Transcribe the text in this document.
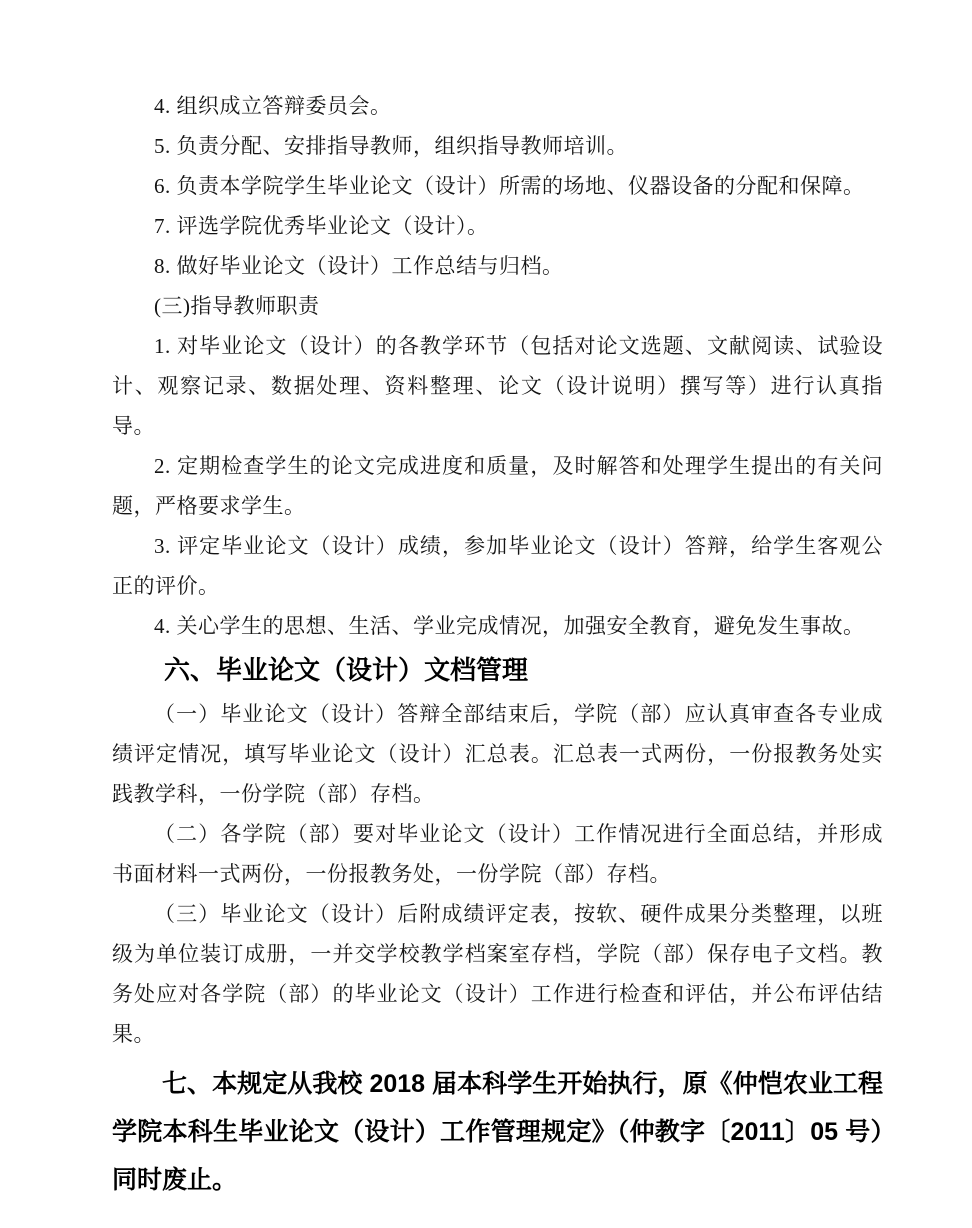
4. 组织成立答辩委员会。

5. 负责分配、安排指导教师，组织指导教师培训。

6. 负责本学院学生毕业论文（设计）所需的场地、仪器设备的分配和保障。

7. 评选学院优秀毕业论文（设计）。

8. 做好毕业论文（设计）工作总结与归档。

(三)指导教师职责

1. 对毕业论文（设计）的各教学环节（包括对论文选题、文献阅读、试验设计、观察记录、数据处理、资料整理、论文（设计说明）撰写等）进行认真指导。

2. 定期检查学生的论文完成进度和质量，及时解答和处理学生提出的有关问题，严格要求学生。

3. 评定毕业论文（设计）成绩，参加毕业论文（设计）答辩，给学生客观公正的评价。

4. 关心学生的思想、生活、学业完成情况，加强安全教育，避免发生事故。

六、毕业论文（设计）文档管理

（一）毕业论文（设计）答辩全部结束后，学院（部）应认真审查各专业成绩评定情况，填写毕业论文（设计）汇总表。汇总表一式两份，一份报教务处实践教学科，一份学院（部）存档。

（二）各学院（部）要对毕业论文（设计）工作情况进行全面总结，并形成书面材料一式两份，一份报教务处，一份学院（部）存档。

（三）毕业论文（设计）后附成绩评定表，按软、硬件成果分类整理，以班级为单位装订成册，一并交学校教学档案室存档，学院（部）保存电子文档。教务处应对各学院（部）的毕业论文（设计）工作进行检查和评估，并公布评估结果。

七、本规定从我校 2018 届本科学生开始执行，原《仲恺农业工程学院本科生毕业论文（设计）工作管理规定》（仲教字〔2011〕05 号）同时废止。
